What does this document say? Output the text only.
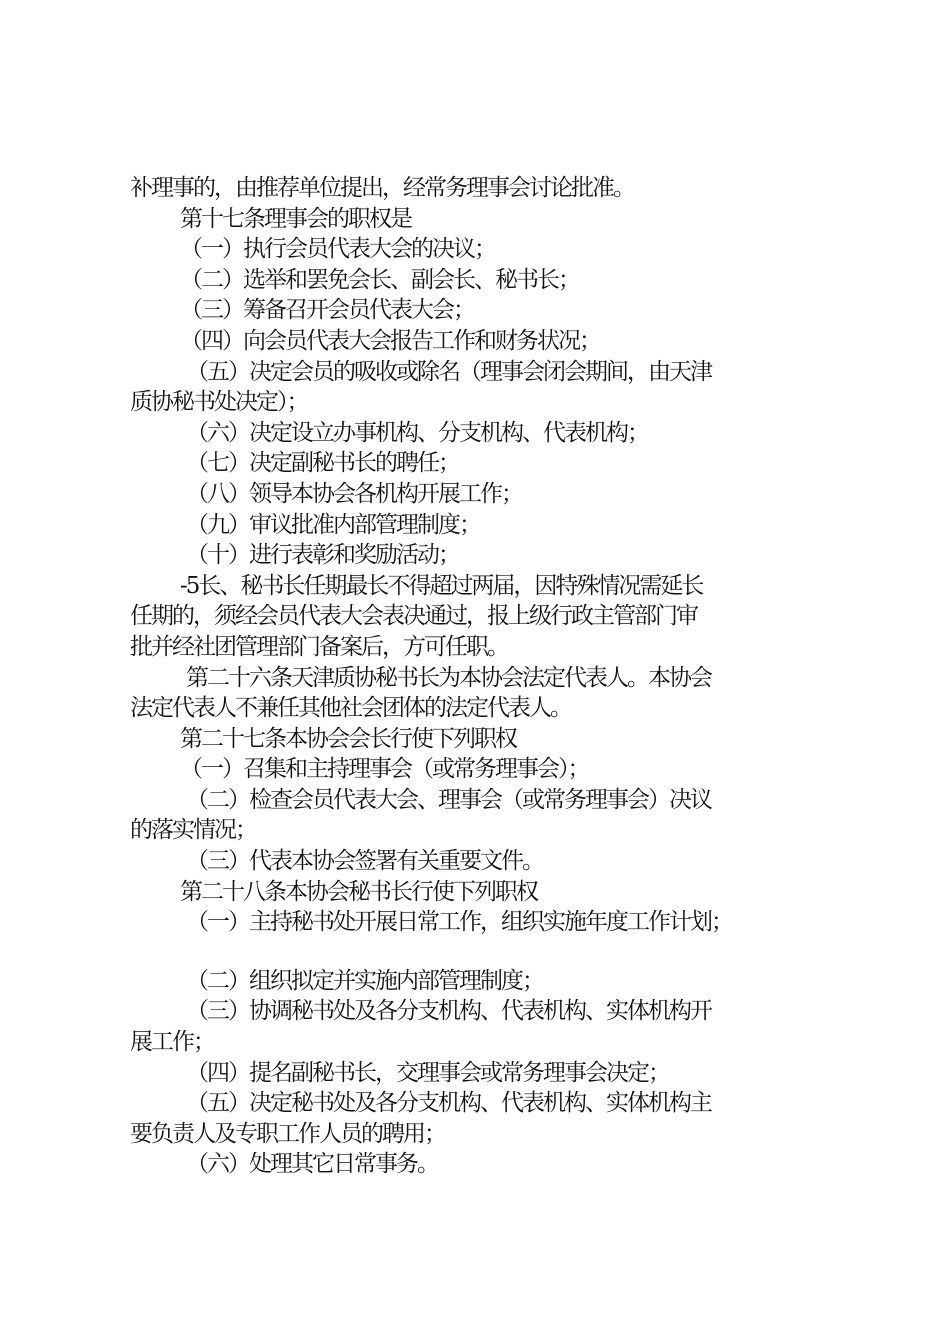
补理事的，由推荐单位提出，经常务理事会讨论批准。
第十七条理事会的职权是
（一）执行会员代表大会的决议；
（二）选举和罢免会长、副会长、秘书长；
（三）筹备召开会员代表大会；
（四）向会员代表大会报告工作和财务状况；
（五）决定会员的吸收或除名（理事会闭会期间，由天津
质协秘书处决定）；
（六）决定设立办事机构、分支机构、代表机构；
（七）决定副秘书长的聘任；
（八）领导本协会各机构开展工作；
（九）审议批准内部管理制度；
（十）进行表彰和奖励活动；
-5长、秘书长任期最长不得超过两届，因特殊情况需延长
任期的，须经会员代表大会表决通过，报上级行政主管部门审
批并经社团管理部门备案后，方可任职。
第二十六条天津质协秘书长为本协会法定代表人。本协会
法定代表人不兼任其他社会团体的法定代表人。
第二十七条本协会会长行使下列职权
（一）召集和主持理事会（或常务理事会）；
（二）检查会员代表大会、理事会（或常务理事会）决议
的落实情况；
（三）代表本协会签署有关重要文件。
第二十八条本协会秘书长行使下列职权
（一）主持秘书处开展日常工作，组织实施年度工作计划；
（二）组织拟定并实施内部管理制度；
（三）协调秘书处及各分支机构、代表机构、实体机构开
展工作；
（四）提名副秘书长，交理事会或常务理事会决定；
（五）决定秘书处及各分支机构、代表机构、实体机构主
要负责人及专职工作人员的聘用；
（六）处理其它日常事务。
